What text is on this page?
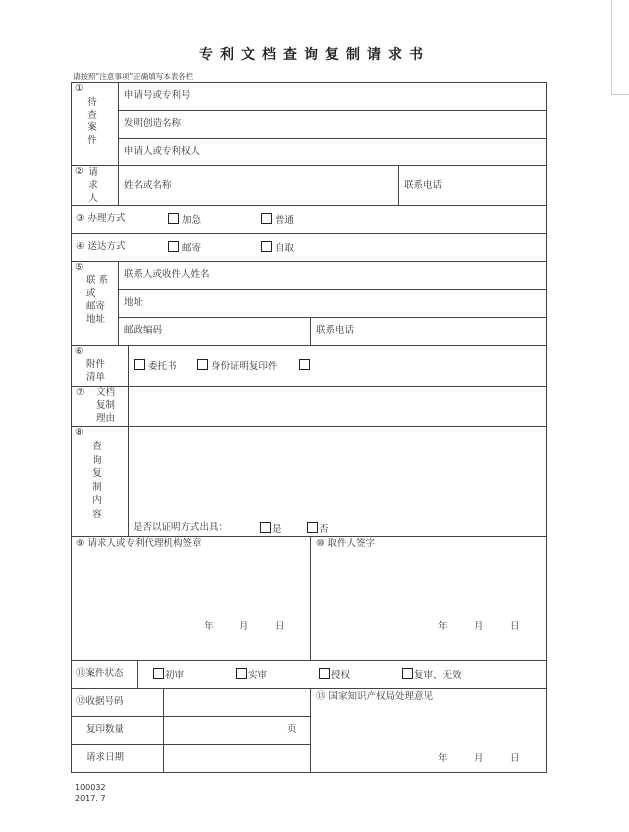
专利文档查询复制请求书
请按照“注意事项”正确填写本表各栏
①
待查案件
申请号或专利号
发明创造名称
申请人或专利权人
② 请求人
姓名或名称	联系电话
③ 办理方式	加急	普通
④ 送达方式	邮寄	自取
⑤
联 系
或
邮寄
地址
联系人或收件人姓名
地址
邮政编码	联系电话
⑥
附件
清单
委托书	身份证明复印件
⑦ 文档
复制
理由
⑧
查询复制内容
是否以证明方式出具：	是	否
⑨ 请求人或专利代理机构签章
年	月	日
⑩ 取件人签字
年	月	日
⑪案件状态	初审	实审	授权	复审、无效
⑫收据号码
复印数量	页
请求日期
⑬ 国家知识产权局处理意见
年	月	日
100032
2017. 7
